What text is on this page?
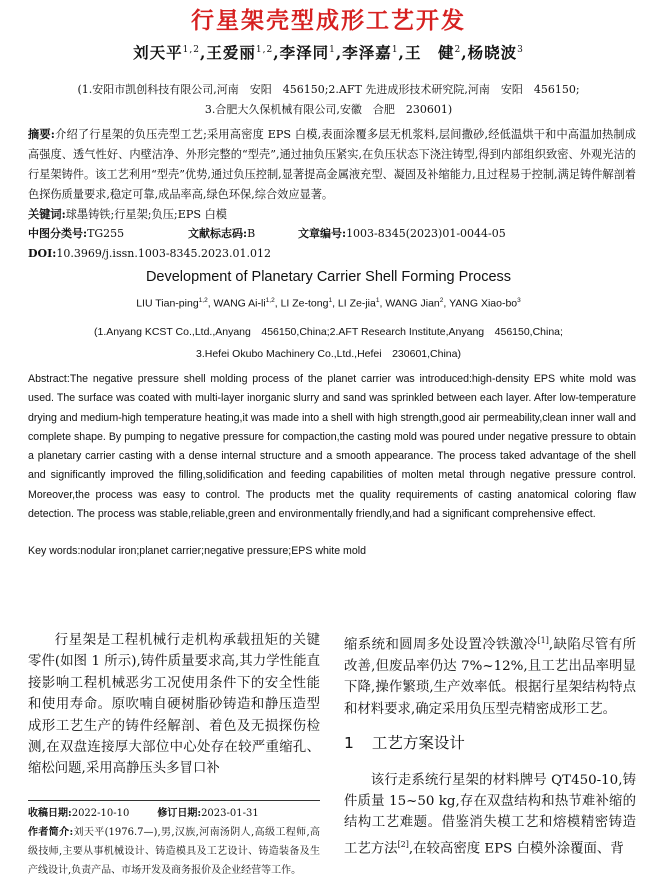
行星架壳型成形工艺开发
刘天平$^{1,2}$,王爱丽$^{1,2}$,李泽同$^1$,李泽嘉$^1$,王　健$^2$,杨晓波$^3$
(1.安阳市凯创科技有限公司,河南　安阳　456150;2.AFT 先进成形技术研究院,河南　安阳　456150;
3.合肥大久保机械有限公司,安徽　合肥　230601)
摘要:介绍了行星架的负压壳型工艺;采用高密度 EPS 白模,表面涂覆多层无机浆料,层间撒砂,经低温烘干和中高温加热制成高强度、透气性好、内壁洁净、外形完整的“型壳”,通过抽负压紧实,在负压状态下浇注铸型,得到内部组织致密、外观光洁的行星架铸件。该工艺利用“型壳”优势,通过负压控制,显著提高金属液充型、凝固及补缩能力,且过程易于控制,满足铸件解剖着色探伤质量要求,稳定可靠,成品率高,绿色环保,综合效应显著。
关键词:球墨铸铁;行星架;负压;EPS 白模
中图分类号:TG255	文献标志码:B	文章编号:1003-8345(2023)01-0044-05
DOI:10.3969/j.issn.1003-8345.2023.01.012
Development of Planetary Carrier Shell Forming Process
LIU Tian-ping$^{1,2}$, WANG Ai-li$^{1,2}$, LI Ze-tong$^1$, LI Ze-jia$^1$, WANG Jian$^2$, YANG Xiao-$bo^3$
(1.Anyang KCST Co.,Ltd.,Anyang　456150,China;2.AFT Research Institute,Anyang　456150,China;
3.Hefei Okubo Machinery Co.,Ltd.,Hefei　230601,China)
Abstract:The negative pressure shell molding process of the planet carrier was introduced:high-density EPS white mold was used. The surface was coated with multi-layer inorganic slurry and sand was sprinkled between each layer. After low-temperature drying and medium-high temperature heating,it was made into a shell with high strength,good air permeability,clean inner wall and complete shape. By pumping to negative pressure for compaction,the casting mold was poured under negative pressure to obtain a planetary carrier casting with a dense internal structure and a smooth appearance. The process taked advantage of the shell and significantly improved the filling,solidification and feeding capabilities of molten metal through negative pressure control. Moreover,the process was easy to control. The products met the quality requirements of casting anatomical coloring flaw detection. The process was stable,reliable,green and environmentally friendly,and had a significant comprehensive effect.
Key words:nodular iron;planet carrier;negative pressure;EPS white mold

行星架是工程机械行走机构承载扭矩的关键零件(如图 1 所示),铸件质量要求高,其力学性能直接影响工程机械恶劣工况使用条件下的安全性能和使用寿命。原吹喃自硬树脂砂铸造和静压造型成形工艺生产的铸件经解剖、着色及无损探伤检测,在双盘连接厚大部位中心处存在较严重缩孔、缩松问题,采用高静压头多冒口补

收稿日期:2022-10-10	修订日期:2023-01-31
作者简介:刘天平(1976.7—),男,汉族,河南汤阴人,高级工程师,高级技师,主要从事机械设计、铸造模具及工艺设计、铸造装备及生产线设计,负责产品、市场开发及商务报价及企业经营等工作。

缩系统和圆周多处设置冷铁激冷[1],缺陷尽管有所改善,但废品率仍达 7%~12%,且工艺出品率明显下降,操作繁琐,生产效率低。根据行星架结构特点和材料要求,确定采用负压型壳精密成形工艺。

1 工艺方案设计

该行走系统行星架的材料牌号 QT450-10,铸件质量 15~50 kg,存在双盘结构和热节难补缩的结构工艺难题。借鉴消失模工艺和熔模精密铸造工艺方法[2],在较高密度 EPS 白模外涂覆面、背
